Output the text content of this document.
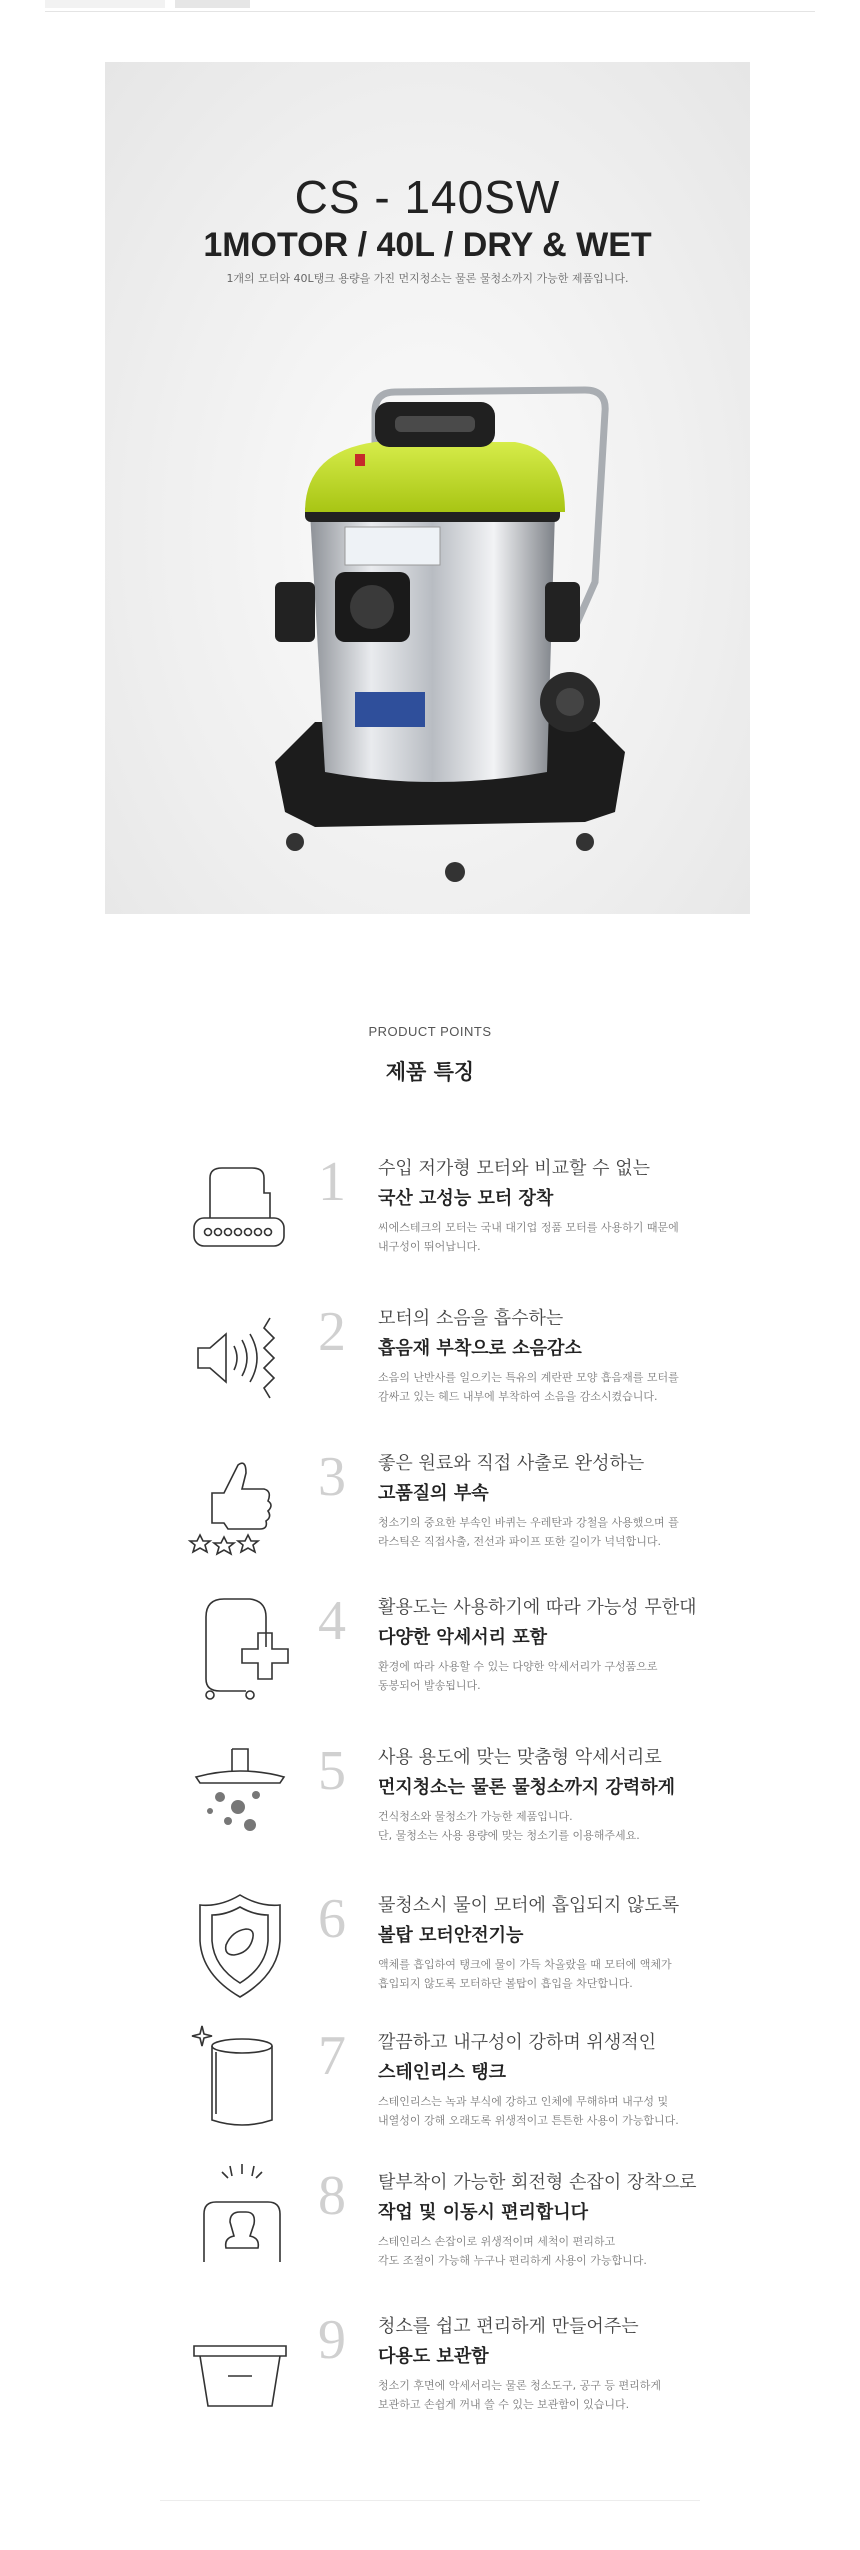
CS - 140SW
1MOTOR / 40L / DRY & WET

1개의 모터와 40L탱크 용량을 가진 먼지청소는 물론 물청소까지 가능한 제품입니다.

PRODUCT POINTS
제품 특징
1	수입 저가형 모터와 비교할 수 없는
국산 고성능 모터 장착
씨에스테크의 모터는 국내 대기업 정품 모터를 사용하기 때문에
내구성이 뛰어납니다.
2	모터의 소음을 흡수하는
흡음재 부착으로 소음감소
소음의 난반사를 일으키는 특유의 계란판 모양 흡음재를 모터를
감싸고 있는 헤드 내부에 부착하여 소음을 감소시켰습니다.
3	좋은 원료와 직접 사출로 완성하는
고품질의 부속
청소기의 중요한 부속인 바퀴는 우레탄과 강철을 사용했으며 플
라스틱은 직접사출, 전선과 파이프 또한 길이가 넉넉합니다.
4	활용도는 사용하기에 따라 가능성 무한대
다양한 악세서리 포함
환경에 따라 사용할 수 있는 다양한 악세서리가 구성품으로
동봉되어 발송됩니다.
5	사용 용도에 맞는 맞춤형 악세서리로
먼지청소는 물론 물청소까지 강력하게
건식청소와 물청소가 가능한 제품입니다.
단, 물청소는 사용 용량에 맞는 청소기를 이용해주세요.
6	물청소시 물이 모터에 흡입되지 않도록
볼탑 모터안전기능
액체를 흡입하여 탱크에 물이 가득 차올랐을 때 모터에 액체가
흡입되지 않도록 모터하단 볼탑이 흡입을 차단합니다.
7	깔끔하고 내구성이 강하며 위생적인
스테인리스 탱크
스테인리스는 녹과 부식에 강하고 인체에 무해하며 내구성 및
내열성이 강해 오래도록 위생적이고 튼튼한 사용이 가능합니다.
8	탈부착이 가능한 회전형 손잡이 장착으로
작업 및 이동시 편리합니다
스테인리스 손잡이로 위생적이며 세척이 편리하고
각도 조절이 가능해 누구나 편리하게 사용이 가능합니다.
9	청소를 쉽고 편리하게 만들어주는
다용도 보관함
청소기 후면에 악세서리는 물론 청소도구, 공구 등 편리하게
보관하고 손쉽게 꺼내 쓸 수 있는 보관함이 있습니다.
